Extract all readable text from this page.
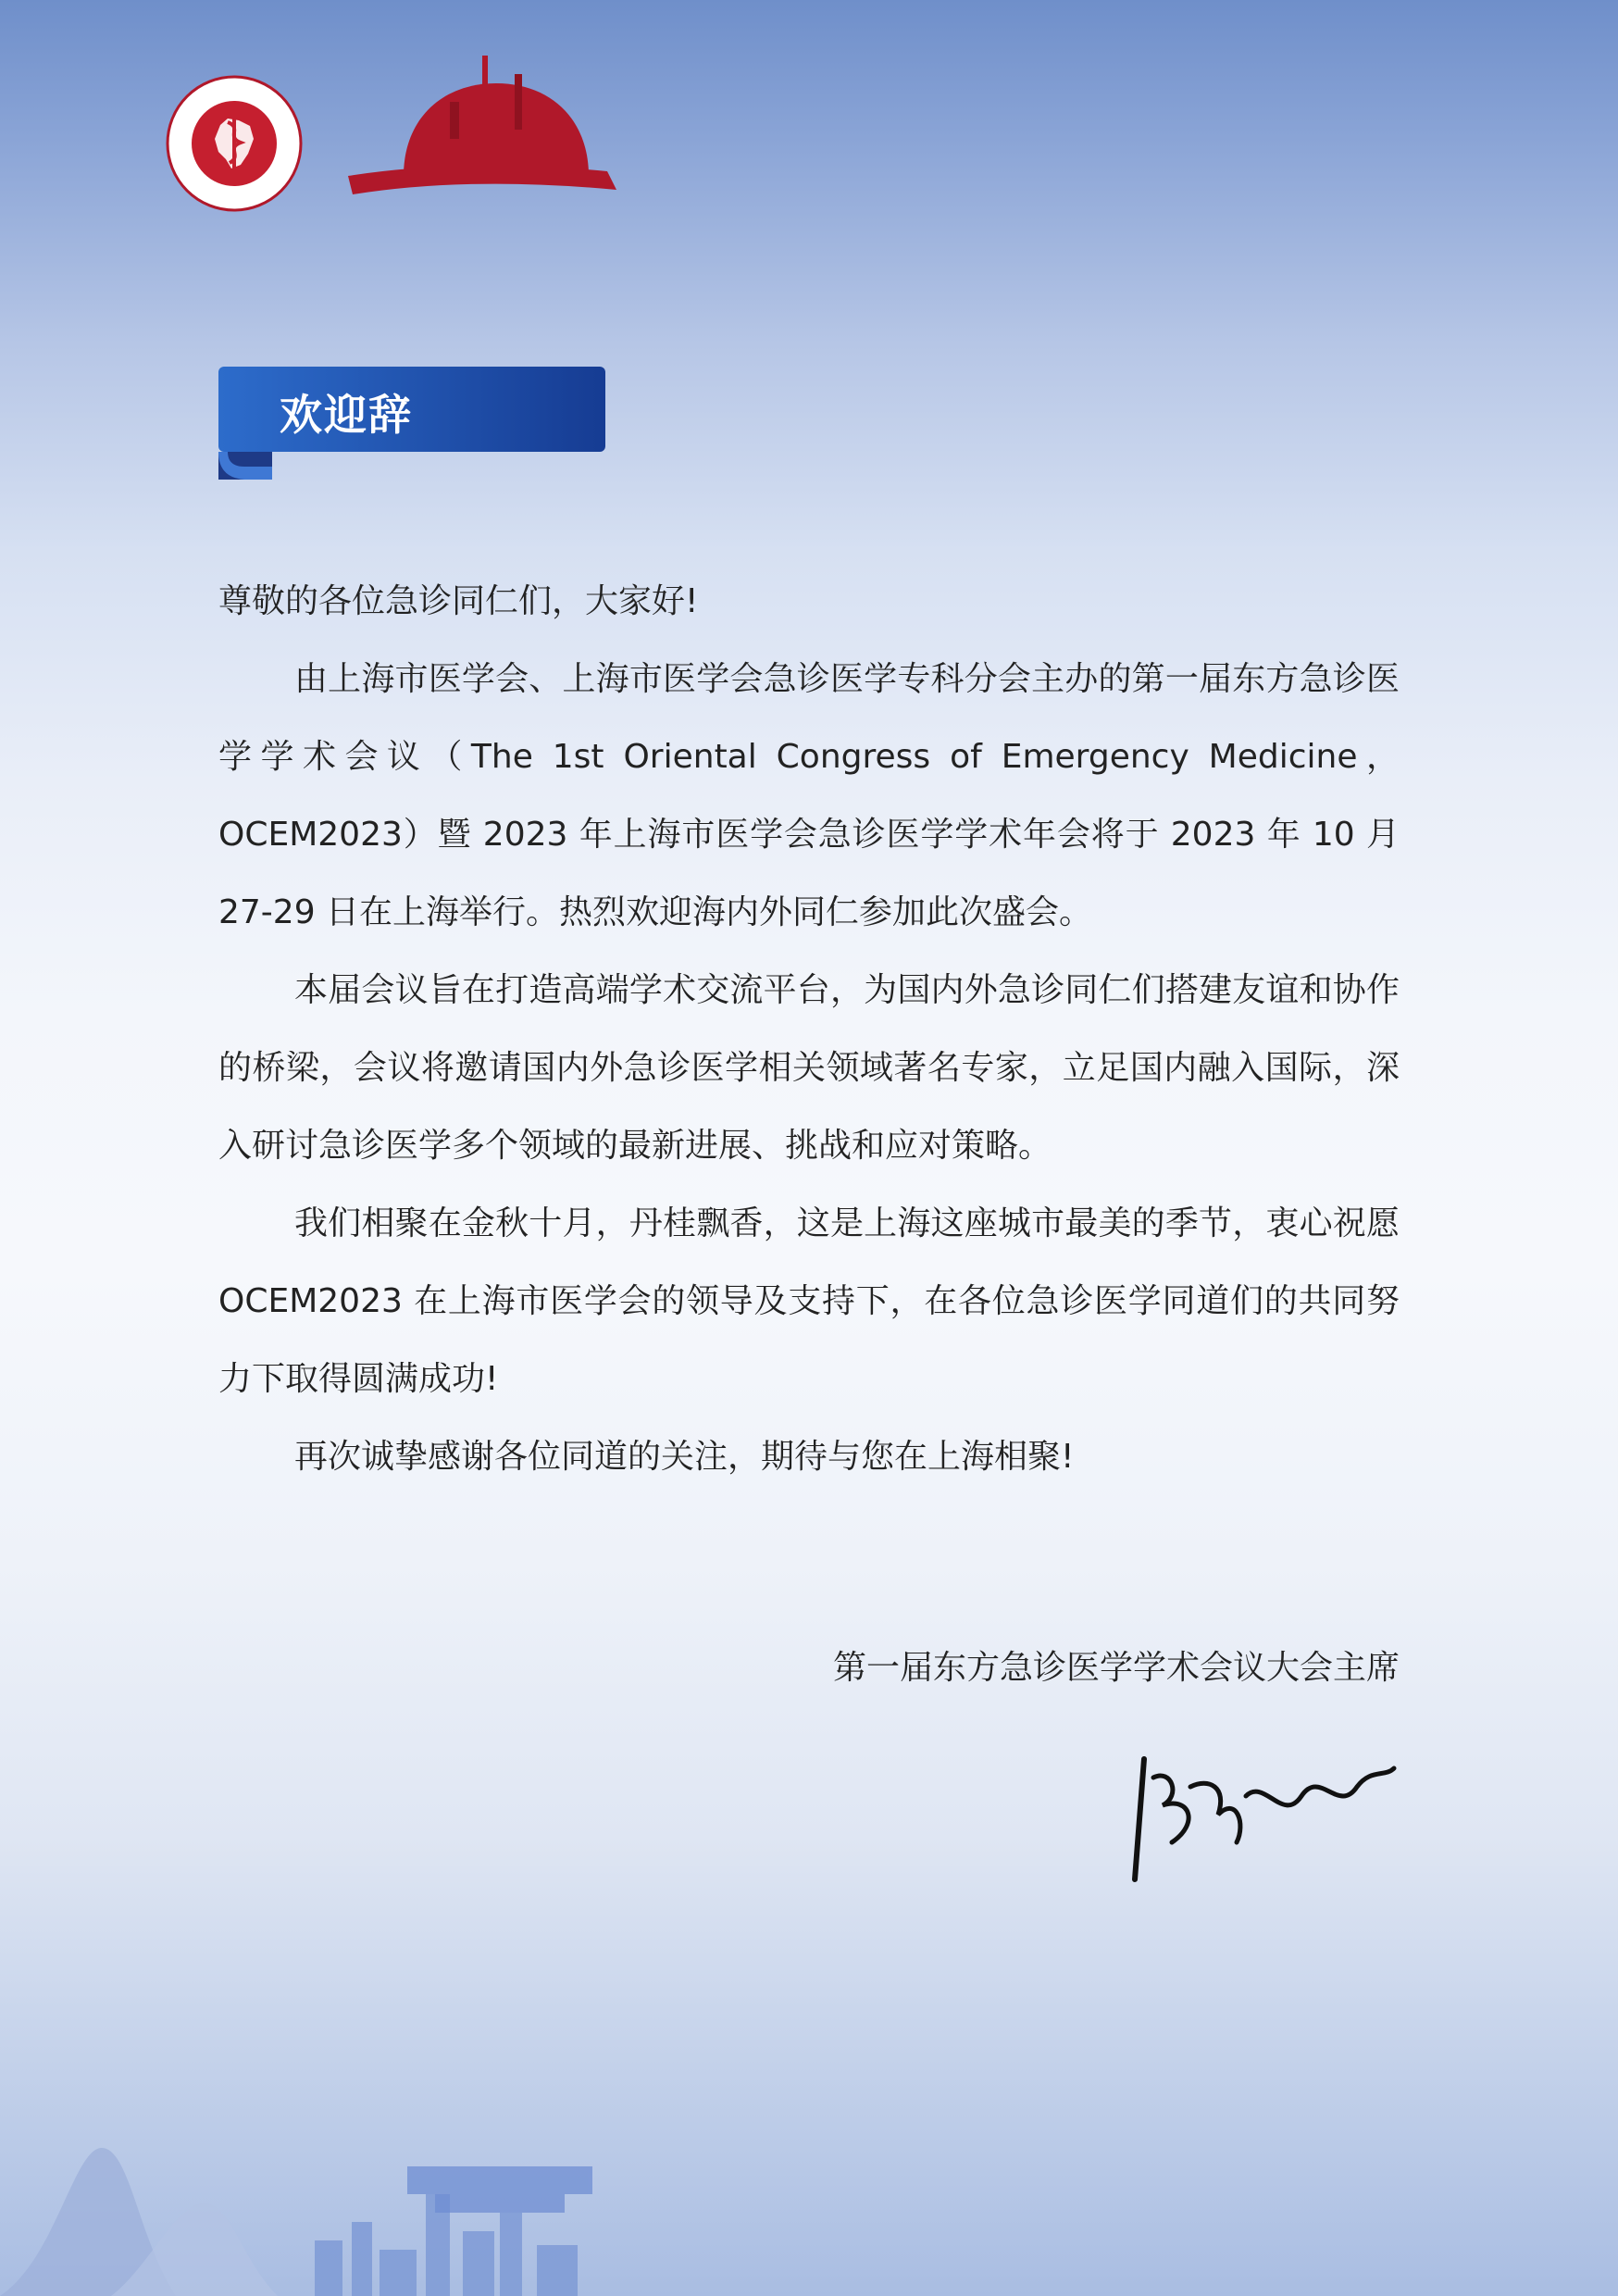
欢迎辞

尊敬的各位急诊同仁们，大家好!

由上海市医学会、上海市医学会急诊医学专科分会主办的第一届东方急诊医学学术会议（The 1st Oriental Congress of Emergency Medicine，OCEM2023）暨 2023 年上海市医学会急诊医学学术年会将于 2023 年 10 月 27-29 日在上海举行。热烈欢迎海内外同仁参加此次盛会。

本届会议旨在打造高端学术交流平台，为国内外急诊同仁们搭建友谊和协作的桥梁，会议将邀请国内外急诊医学相关领域著名专家，立足国内融入国际，深入研讨急诊医学多个领域的最新进展、挑战和应对策略。

我们相聚在金秋十月，丹桂飘香，这是上海这座城市最美的季节，衷心祝愿 OCEM2023 在上海市医学会的领导及支持下，在各位急诊医学同道们的共同努力下取得圆满成功!

再次诚挚感谢各位同道的关注，期待与您在上海相聚!

第一届东方急诊医学学术会议大会主席
